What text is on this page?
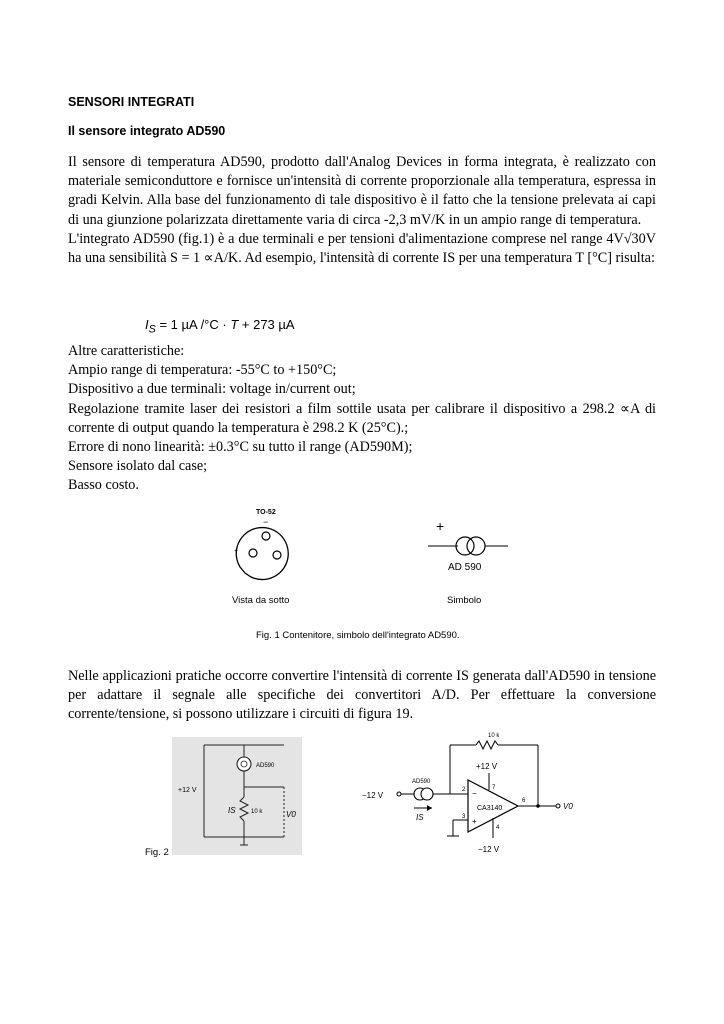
SENSORI INTEGRATI
Il sensore integrato AD590

Il sensore di temperatura AD590, prodotto dall'Analog Devices in forma integrata, è realizzato con materiale semiconduttore e fornisce un'intensità di corrente proporzionale alla temperatura, espressa in gradi Kelvin. Alla base del funzionamento di tale dispositivo è il fatto che la tensione prelevata ai capi di una giunzione polarizzata direttamente varia di circa -2,3 mV/K in un ampio range di temperatura.

L'integrato AD590 (fig.1) è a due terminali e per tensioni d'alimentazione comprese nel range 4V√30V ha una sensibilità S = 1 ∝A/K. Ad esempio, l'intensità di corrente IS per una temperatura T [°C] risulta:

$I_S = 1$ µA /°C · T + 273 µA

Altre caratteristiche:

Ampio range di temperatura: -55°C to +150°C;

Dispositivo a due terminali: voltage in/current out;

Regolazione tramite laser dei resistori a film sottile usata per calibrare il dispositivo a 298.2 ∝A di corrente di output quando la temperatura è 298.2 K (25°C).;

Errore di nono linearità: ±0.3°C su tutto il range (AD590M);

Sensore isolato dal case;

Basso costo.

TO-52
−
+
+
AD 590
Vista da sotto	Simbolo
Fig. 1 Contenitore, simbolo dell'integrato AD590.
Nelle applicazioni pratiche occorre convertire l'intensità di corrente IS generata dall'AD590 in tensione per adattare il segnale alle specifiche dei convertitori A/D. Per effettuare la conversione corrente/tensione, si possono utilizzare i circuiti di figura 19.
AD590
10 k
+12 V
IS	V0
10 k
+12 V
7
CA3140
−
+
2
3
4
−12 V
6
V0
−12 V
AD590
IS
Fig. 2
